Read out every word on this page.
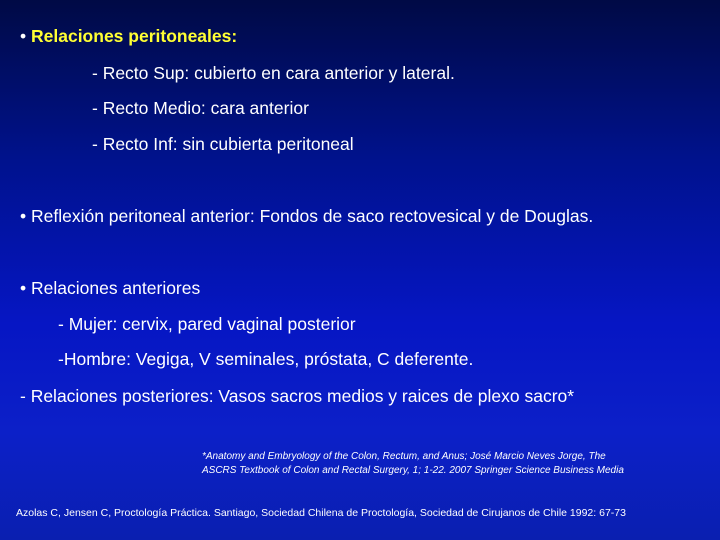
• Relaciones peritoneales:
- Recto Sup: cubierto en cara anterior y lateral.
- Recto Medio: cara anterior
- Recto Inf: sin cubierta peritoneal
• Reflexión peritoneal anterior: Fondos de saco rectovesical y de Douglas.
• Relaciones anteriores
- Mujer: cervix, pared vaginal posterior
-Hombre: Vegiga, V seminales, próstata, C deferente.
- Relaciones posteriores: Vasos sacros medios y raices de plexo sacro*
*Anatomy and Embryology of the Colon, Rectum, and Anus; José Marcio Neves Jorge, The
ASCRS Textbook of Colon and Rectal Surgery, 1; 1-22. 2007 Springer Science Business Media
Azolas C, Jensen C, Proctología Práctica. Santiago, Sociedad Chilena de Proctología, Sociedad de Cirujanos de Chile 1992: 67-73
